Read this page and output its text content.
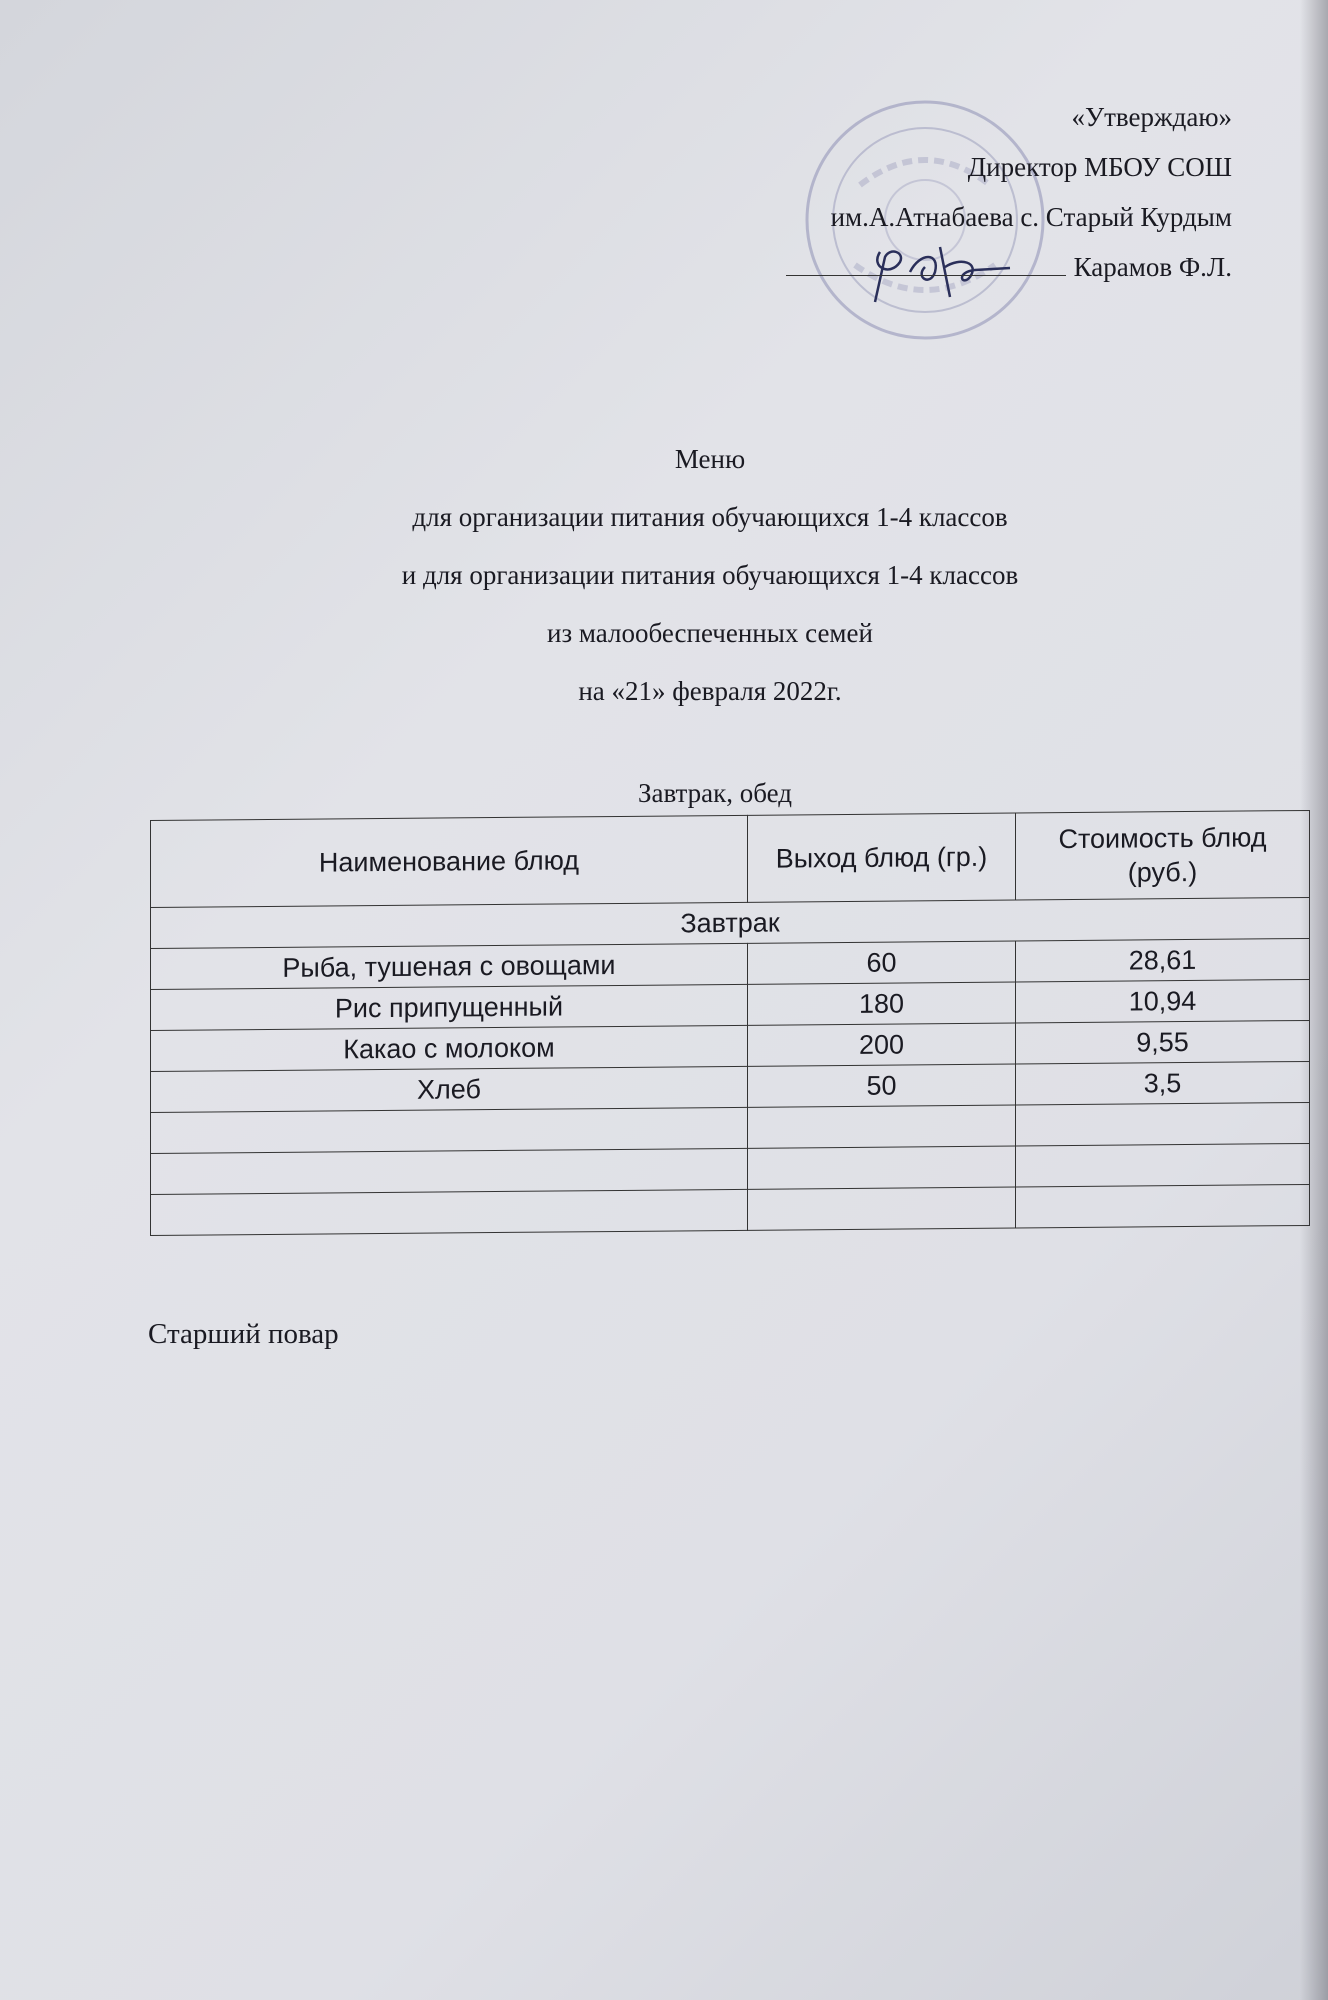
«Утверждаю»
Директор МБОУ СОШ
им.А.Атнабаева с. Старый Курдым
Карамов Ф.Л.
Меню
для организации питания обучающихся 1-4 классов
и для организации питания обучающихся 1-4 классов
из малообеспеченных семей
на «21» февраля 2022г.
Завтрак, обед
Наименование блюд	Выход блюд (гр.)	Стоимость блюд (руб.)
Завтрак		
Рыба, тушеная с овощами	60	28,61
Рис припущенный	180	10,94
Какао с молоком	200	9,55
Хлеб	50	3,5

Старший повар
